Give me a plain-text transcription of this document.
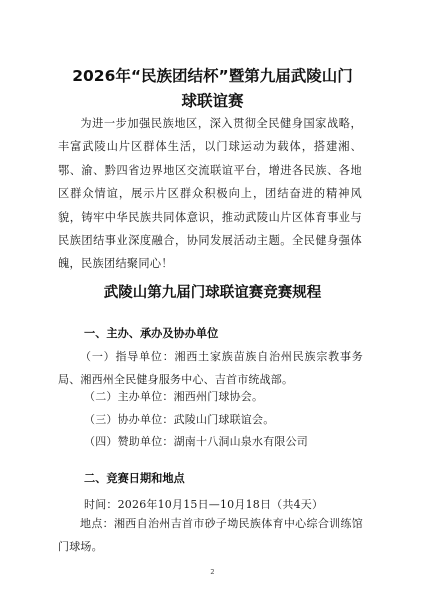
2026年“民族团结杯”暨第九届武陵山门
球联谊赛
为进一步加强民族地区，深入贯彻全民健身国家战略，丰富武陵山片区群体生活，以门球运动为载体，搭建湘、鄂、渝、黔四省边界地区交流联谊平台，增进各民族、各地区群众情谊，展示片区群众积极向上，团结奋进的精神风貌，铸牢中华民族共同体意识，推动武陵山片区体育事业与民族团结事业深度融合，协同发展活动主题。全民健身强体魄，民族团结聚同心！
武陵山第九届门球联谊赛竞赛规程
一、主办、承办及协办单位
（一）指导单位：湘西土家族苗族自治州民族宗教事务局、湘西州全民健身服务中心、吉首市统战部。
（二）主办单位：湘西州门球协会。
（三）协办单位：武陵山门球联谊会。
（四）赞助单位：湖南十八洞山泉水有限公司
2
二、竞赛日期和地点
时间：2026年10月15日—10月18日（共4天）
地点：湘西自治州吉首市砂子坳民族体育中心综合训练馆门球场。
